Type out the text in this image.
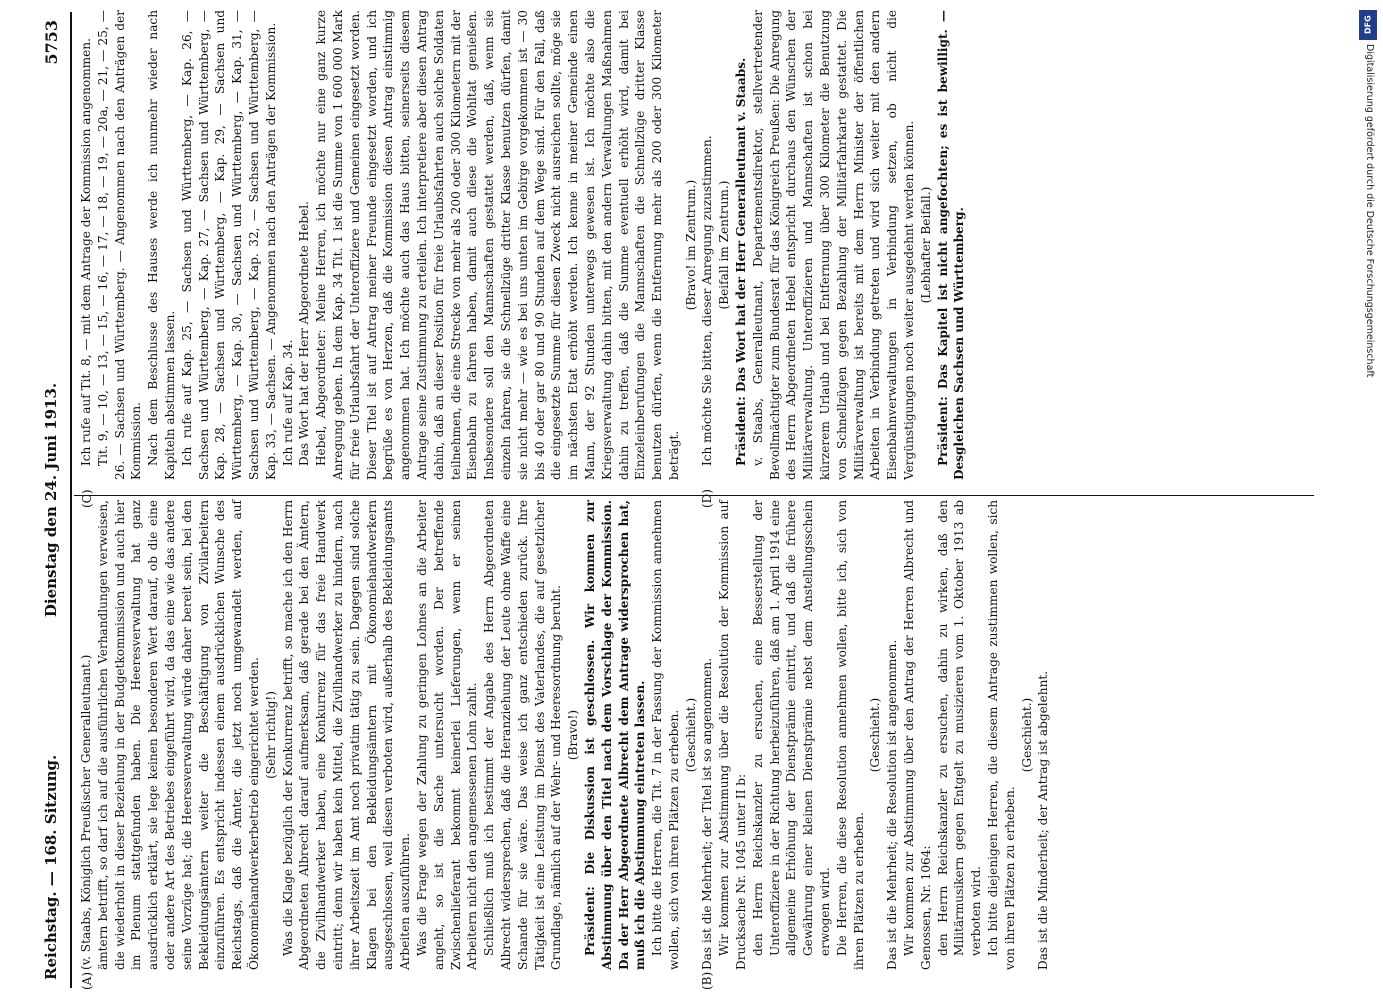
Reichstag. — 168. Sitzung.
Dienstag den 24. Juni 1913.
5753
(A)	(B)
(C)	(D)

(v. Staabs, Königlich Preußischer Generalleutnant.) ämtern betrifft, so darf ich auf die ausführlichen Verhandlungen verweisen, die wiederholt in dieser Beziehung in der Budgetkommission und auch hier im Plenum stattgefunden haben. Die Heeresverwaltung hat ganz ausdrücklich erklärt, sie lege keinen besonderen Wert darauf, ob die eine oder andere Art des Betriebes eingeführt wird, da das eine wie das andere seine Vorzüge hat; die Heeresverwaltung würde daher bereit sein, bei den Bekleidungsämtern weiter die Beschäftigung von Zivilarbeitern einzuführen. Es entspricht indessen einem ausdrücklichen Wunsche des Reichstags, daß die Ämter, die jetzt noch umgewandelt werden, auf Ökonomiehandwerkerbetrieb eingerichtet werden. (Sehr richtig!) Was die Klage bezüglich der Konkurrenz betrifft, so mache ich den Herrn Abgeordneten Albrecht darauf aufmerksam, daß gerade bei den Ämtern, die Zivilhandwerker haben, eine Konkurrenz für das freie Handwerk eintritt; denn wir haben kein Mittel, die Zivilhandwerker zu hindern, nach ihrer Arbeitszeit im Amt noch privatim tätig zu sein. Dagegen sind solche Klagen bei den Bekleidungsämtern mit Ökonomiehandwerkern ausgeschlossen, weil diesen verboten wird, außerhalb des Bekleidungsamts Arbeiten auszuführen. Was die Frage wegen der Zahlung zu geringen Lohnes an die Arbeiter angeht, so ist die Sache untersucht worden. Der betreffende Zwischenlieferant bekommt keinerlei Lieferungen, wenn er seinen Arbeitern nicht den angemessenen Lohn zahlt. Schließlich muß ich bestimmt der Angabe des Herrn Abgeordneten Albrecht widersprechen, daß die Heranziehung der Leute ohne Waffe eine Schande für sie wäre. Das weise ich ganz entschieden zurück. Ihre Tätigkeit ist eine Leistung im Dienst des Vaterlandes, die auf gesetzlicher Grundlage, nämlich auf der Wehr- und Heeresordnung beruht. (Bravo!) Präsident: Die Diskussion ist geschlossen. Wir kommen zur Abstimmung über den Titel nach dem Vorschlage der Kommission. Da der Herr Abgeordnete Albrecht dem Antrage widersprochen hat, muß ich die Abstimmung eintreten lassen. Ich bitte die Herren, die Tit. 7 in der Fassung der Kommission annehmen wollen, sich von ihren Plätzen zu erheben. (Geschieht.) Das ist die Mehrheit; der Titel ist so angenommen. Wir kommen zur Abstimmung über die Resolution der Kommission auf Drucksache Nr. 1045 unter II b: den Herrn Reichskanzler zu ersuchen, eine Besserstellung der Unteroffiziere in der Richtung herbeizuführen, daß am 1. April 1914 eine allgemeine Erhöhung der Dienstprämie eintritt, und daß die frühere Gewährung einer kleinen Dienstprämie nebst dem Anstellungsschein erwogen wird. Die Herren, die diese Resolution annehmen wollen, bitte ich, sich von ihren Plätzen zu erheben.

(Geschieht.) Das ist die Mehrheit; die Resolution ist angenommen. Wir kommen zur Abstimmung über den Antrag der Herren Albrecht und Genossen, Nr. 1064: den Herrn Reichskanzler zu ersuchen, dahin zu wirken, daß den Militärmusikern gegen Entgelt zu musizieren vom 1. Oktober 1913 ab verboten wird. Ich bitte diejenigen Herren, die diesem Antrage zustimmen wollen, sich von ihren Plätzen zu erheben.

(Geschieht.) Das ist die Minderheit; der Antrag ist abgelehnt.

Ich rufe auf Tit. 8, — mit dem Antrage der Kommission angenommen. Tit. 9, — 10, — 13, — 15, — 16, — 17, — 18, — 19, — 20a, — 21, — 25, — 26. — Sachsen und Württemberg. — Angenommen nach den Anträgen der Kommission. Nach dem Beschlusse des Hauses werde ich nunmehr wieder nach Kapiteln abstimmen lassen. Ich rufe auf Kap. 25, — Sachsen und Württemberg, — Kap. 26, — Sachsen und Württemberg, — Kap. 27, — Sachsen und Württemberg, — Kap. 28, — Sachsen und Württemberg, — Kap. 29, — Sachsen und Württemberg, — Kap. 30, — Sachsen und Württemberg, — Kap. 31, — Sachsen und Württemberg, — Kap. 32, — Sachsen und Württemberg, — Kap. 33, — Sachsen. — Angenommen nach den Anträgen der Kommission. Ich rufe auf Kap. 34. Das Wort hat der Herr Abgeordnete Hebel. Hebel, Abgeordneter: Meine Herren, ich möchte nur eine ganz kurze Anregung geben. In dem Kap. 34 Tit. 1 ist die Summe von 1 600 000 Mark für freie Urlaubsfahrt der Unteroffiziere und Gemeinen eingesetzt worden. Dieser Titel ist auf Antrag meiner Freunde eingesetzt worden, und ich begrüße es von Herzen, daß die Kommission diesen Antrag einstimmig angenommen hat. Ich möchte auch das Haus bitten, seinerseits diesem Antrage seine Zustimmung zu erteilen. Ich interpretiere aber diesen Antrag dahin, daß an dieser Position für freie Urlaubsfahrten auch solche Soldaten teilnehmen, die eine Strecke von mehr als 200 oder 300 Kilometern mit der Eisenbahn zu fahren haben, damit auch diese die Wohltat genießen. Insbesondere soll den Mannschaften gestattet werden, daß, wenn sie einzeln fahren, sie die Schnellzüge dritter Klasse benutzen dürfen, damit sie nicht mehr — wie es bei uns unten im Gebirge vorgekommen ist — 30 bis 40 oder gar 80 und 90 Stunden auf dem Wege sind. Für den Fall, daß die eingesetzte Summe für diesen Zweck nicht ausreichen sollte, möge sie im nächsten Etat erhöht werden. Ich kenne in meiner Gemeinde einen Mann, der 92 Stunden unterwegs gewesen ist. Ich möchte also die Kriegsverwaltung dahin bitten, mit den andern Verwaltungen Maßnahmen dahin zu treffen, daß die Summe eventuell erhöht wird, damit bei Einzeleinberufungen die Mannschaften die Schnellzüge dritter Klasse benutzen dürfen, wenn die Entfernung mehr als 200 oder 300 Kilometer beträgt.

(Bravo! im Zentrum.) Ich möchte Sie bitten, dieser Anregung zuzustimmen. (Beifall im Zentrum.) Präsident: Das Wort hat der Herr Generalleutnant v. Staabs. v. Staabs, Generalleutnant, Departementsdirektor, stellvertretender Bevollmächtigter zum Bundesrat für das Königreich Preußen: Die Anregung des Herrn Abgeordneten Hebel entspricht durchaus den Wünschen der Militärverwaltung. Unteroffizieren und Mannschaften ist schon bei kürzerem Urlaub und bei Entfernung über 300 Kilometer die Benutzung von Schnellzügen gegen Bezahlung der Militärfahrkarte gestattet. Die Militärverwaltung ist bereits mit dem Herrn Minister der öffentlichen Arbeiten in Verbindung getreten und wird sich weiter mit den andern Eisenbahnverwaltungen in Verbindung setzen, ob nicht die Vergünstigungen noch weiter ausgedehnt werden können. (Lebhafter Beifall.) Präsident: Das Kapitel ist nicht angefochten; es ist bewilligt. — Desgleichen Sachsen und Württemberg.

DFG
Digitalisierung gefördert durch die Deutsche Forschungsgemeinschaft
